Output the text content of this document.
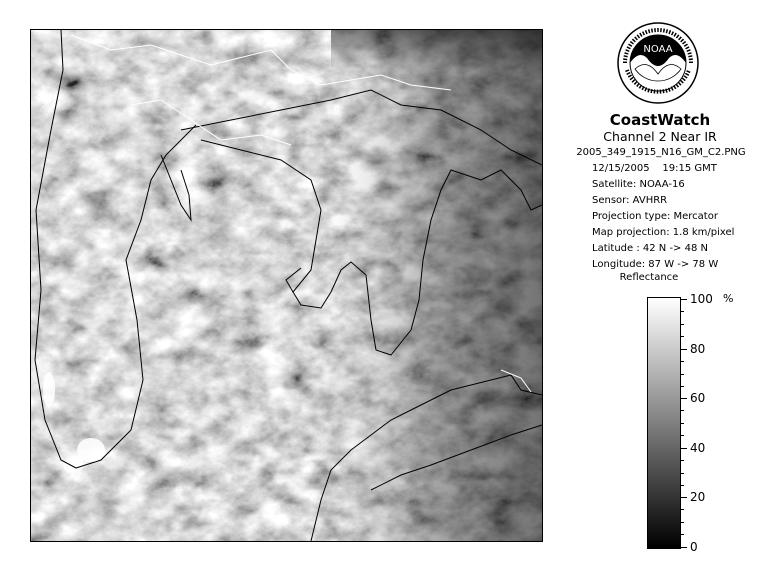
NOAA
CoastWatch
Channel 2 Near IR
2005_349_1915_N16_GM_C2.PNG
12/15/2005 19:15 GMT
Satellite: NOAA-16
Sensor: AVHRR
Projection type: Mercator
Map projection: 1.8 km/pixel
Latitude : 42 N -> 48 N
Longitude: 87 W -> 78 W
Reflectance
100
80
60
40
20
0
%
